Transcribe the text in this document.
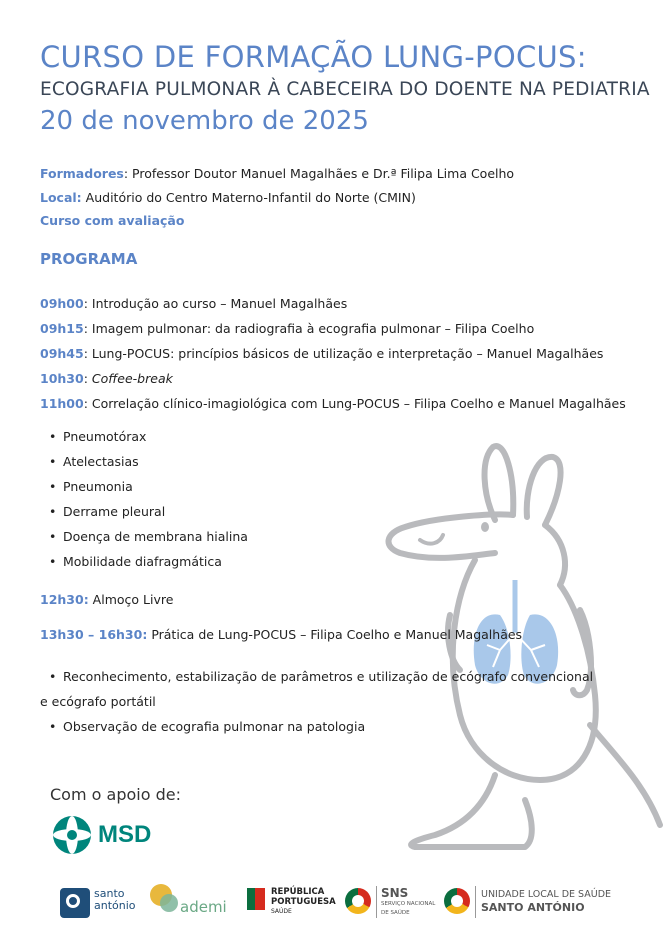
CURSO DE FORMAÇÃO LUNG-POCUS:
ECOGRAFIA PULMONAR À CABECEIRA DO DOENTE NA PEDIATRIA
20 de novembro de 2025
Formadores: Professor Doutor Manuel Magalhães e Dr.ª Filipa Lima Coelho
Local: Auditório do Centro Materno-Infantil do Norte (CMIN)
Curso com avaliação
PROGRAMA
09h00: Introdução ao curso – Manuel Magalhães
09h15: Imagem pulmonar: da radiografia à ecografia pulmonar – Filipa Coelho
09h45: Lung-POCUS: princípios básicos de utilização e interpretação – Manuel Magalhães
10h30: Coffee-break
11h00: Correlação clínico-imagiológica com Lung-POCUS – Filipa Coelho e Manuel Magalhães
• Pneumotórax
• Atelectasias
• Pneumonia
• Derrame pleural
• Doença de membrana hialina
• Mobilidade diafragmática
12h30: Almoço Livre
13h30 – 16h30: Prática de Lung-POCUS – Filipa Coelho e Manuel Magalhães
• Reconhecimento, estabilização de parâmetros e utilização de ecógrafo convencional
e ecógrafo portátil
• Observação de ecografia pulmonar na patologia
Com o apoio de:
MSD
santo
antónio	ademi
REPÚBLICA
PORTUGUESA
SAÚDE
SNS
SERVIÇO NACIONAL
DE SAÚDE
UNIDADE LOCAL DE SAÚDE
SANTO ANTÓNIO
